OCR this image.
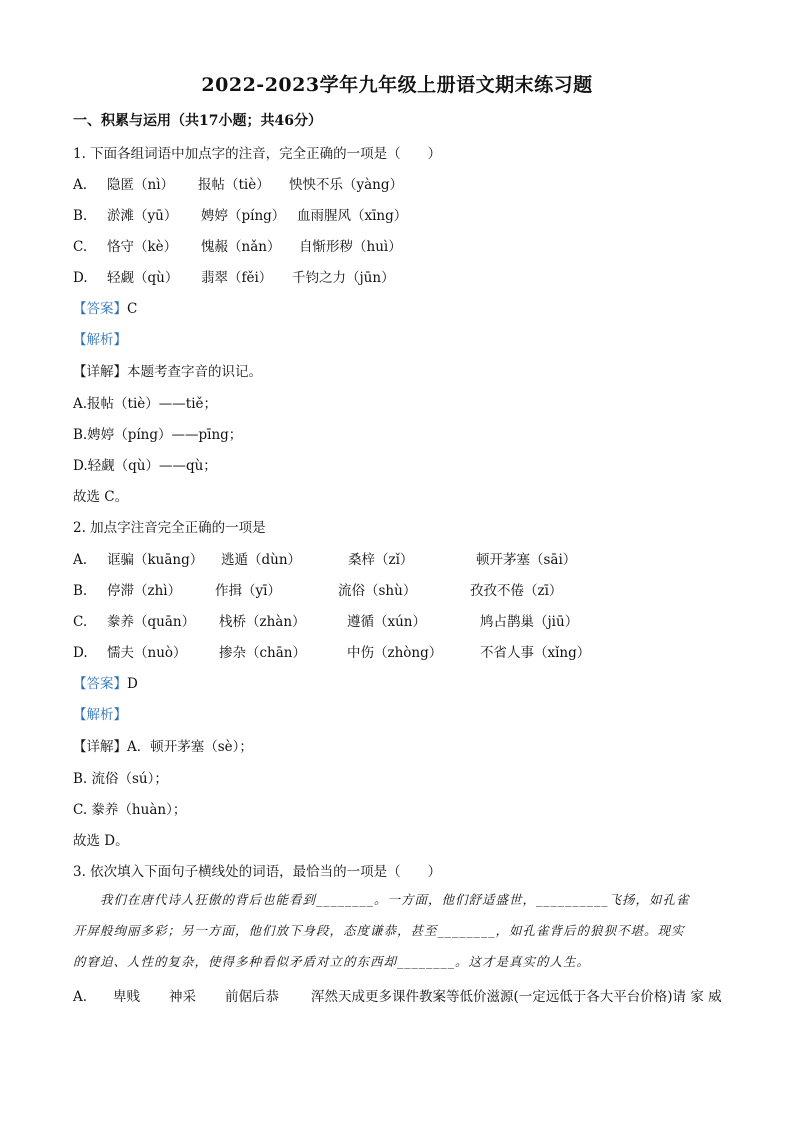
2022-2023学年九年级上册语文期末练习题
一、积累与运用（共17小题；共46分）
1. 下面各组词语中加点字的注音，完全正确的一项是（　　）
A. 隐匿（nì） 报帖（tiè） 怏怏不乐（yàng）
B. 淤滩（yū） 娉婷（píng） 血雨腥风（xīng）
C. 恪守（kè） 愧赧（nǎn） 自惭形秽（huì）
D. 轻觑（qù） 翡翠（fěi） 千钧之力（jūn）
【答案】C
【解析】
【详解】本题考查字音的识记。
A.报帖（tiè）——tiě；
B.娉婷（píng）——pīng；
D.轻觑（qù）——qù；
故选 C。
2. 加点字注音完全正确的一项是
A. 诓骗（kuāng） 逃遁（dùn）	桑梓（zǐ）	顿开茅塞（sāi）
B. 停滞（zhì）	作揖（yī）	流俗（shù）	孜孜不倦（zī）
C. 豢养（quān） 栈桥（zhàn）	遵循（xún）	鸠占鹊巢（jiū）
D. 懦夫（nuò） 掺杂（chān）	中伤（zhòng）	不省人事（xǐng）
【答案】D
【解析】
【详解】A．顿开茅塞（sè）；
B. 流俗（sú）；
C. 豢养（huàn）；
故选 D。
3. 依次填入下面句子横线处的词语，最恰当的一项是（　　）
我们在唐代诗人狂傲的背后也能看到________。一方面，他们舒适盛世，__________飞扬，如孔雀
开屏般绚丽多彩；另一方面，他们放下身段，态度谦恭，甚至________，如孔雀背后的狼狈不堪。现实
的窘迫、人性的复杂，使得多种看似矛盾对立的东西却________。这才是真实的人生。
A. 卑贱 神采 前倨后恭 浑然天成更多课件教案等低价滋源(一定远低于各大平台价格)请 家 威
